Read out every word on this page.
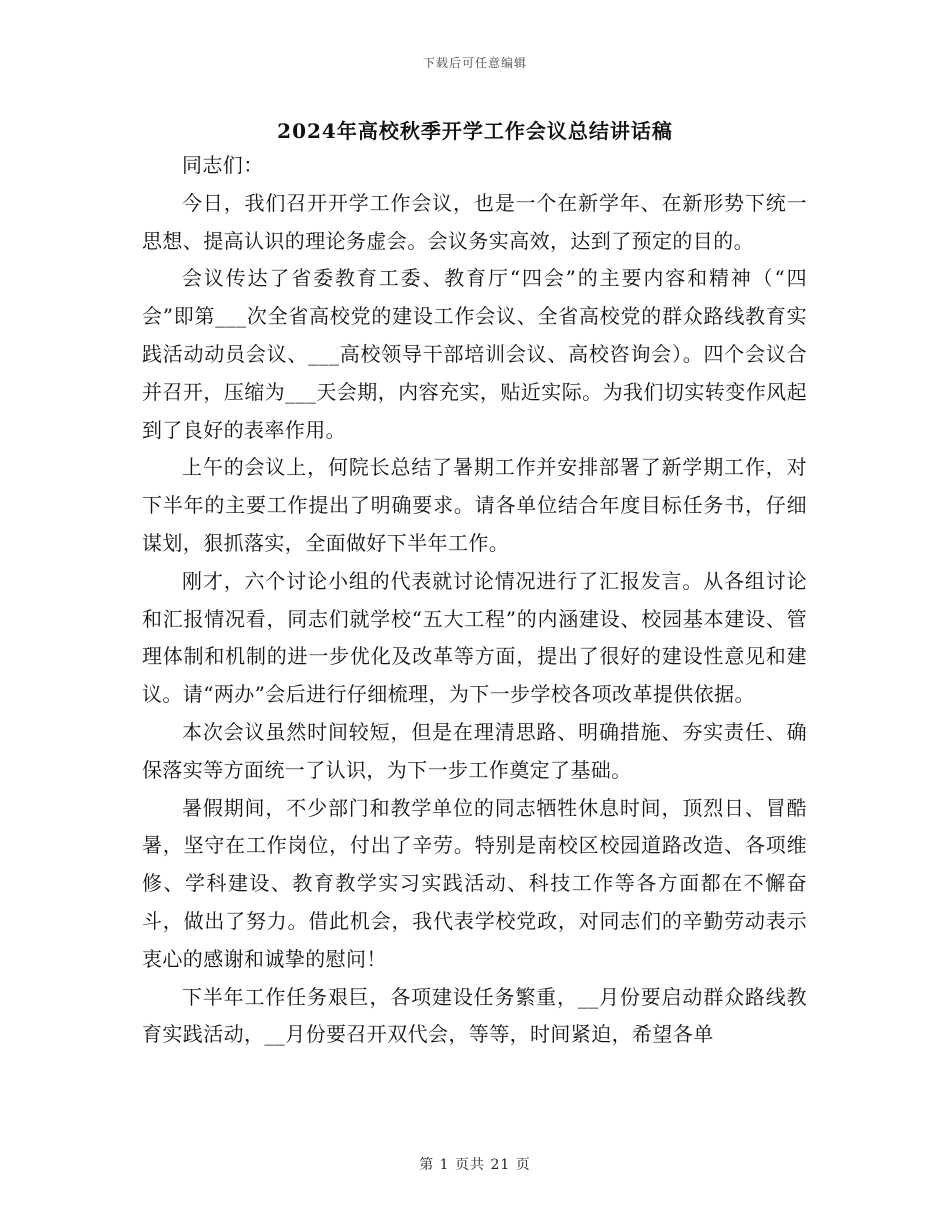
下载后可任意编辑
2024年高校秋季开学工作会议总结讲话稿

同志们：

今日，我们召开开学工作会议，也是一个在新学年、在新形势下统一思想、提高认识的理论务虚会。会议务实高效，达到了预定的目的。

会议传达了省委教育工委、教育厅“四会”的主要内容和精神（“四会”即第___次全省高校党的建设工作会议、全省高校党的群众路线教育实践活动动员会议、___高校领导干部培训会议、高校咨询会）。四个会议合并召开，压缩为___天会期，内容充实，贴近实际。为我们切实转变作风起到了良好的表率作用。

上午的会议上，何院长总结了暑期工作并安排部署了新学期工作，对下半年的主要工作提出了明确要求。请各单位结合年度目标任务书，仔细谋划，狠抓落实，全面做好下半年工作。

刚才，六个讨论小组的代表就讨论情况进行了汇报发言。从各组讨论和汇报情况看，同志们就学校“五大工程”的内涵建设、校园基本建设、管理体制和机制的进一步优化及改革等方面，提出了很好的建设性意见和建议。请“两办”会后进行仔细梳理，为下一步学校各项改革提供依据。

本次会议虽然时间较短，但是在理清思路、明确措施、夯实责任、确保落实等方面统一了认识，为下一步工作奠定了基础。

暑假期间，不少部门和教学单位的同志牺牲休息时间，顶烈日、冒酷暑，坚守在工作岗位，付出了辛劳。特别是南校区校园道路改造、各项维修、学科建设、教育教学实习实践活动、科技工作等各方面都在不懈奋斗，做出了努力。借此机会，我代表学校党政，对同志们的辛勤劳动表示衷心的感谢和诚挚的慰问！

下半年工作任务艰巨，各项建设任务繁重，__月份要启动群众路线教育实践活动，__月份要召开双代会，等等，时间紧迫，希望各单

第 1 页共 21 页
